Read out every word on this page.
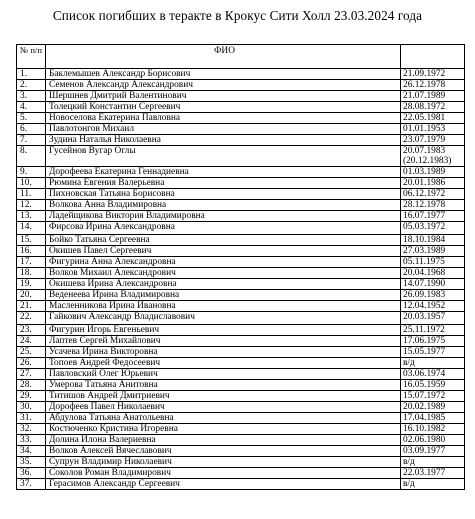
Список погибших в теракте в Крокус Сити Холл 23.03.2024 года
№ п/п	ФИО	
1.	Баклемышев Александр Борисович	21.09.1972

2.	Семенов Александр Александрович	26.12.1978

3.	Шершнев Дмитрий Валентинович	21.07.1989

4.	Толецкий Константин Сергеевич	28.08.1972

5.	Новоселова Екатерина Павловна	22.05.1981

6.	Павлотонгов Михаил	01.01.1953

7.	Зудина Наталья Николаевна	23.07.1979

8.	Гусейнов Вугар Оглы	20.07.1983
(20.12.1983)

9.	Дорофеева Екатерина Геннадиевна	01.03.1989

10.	Рюмина Евгения Валерьевна	20.01.1986

11.	Пихновская Татьяна Борисовна	06.12.1972

12.	Волкова Анна Владимировна	28.12.1978

13.	Ладейщикова Виктория Владимировна	16.07.1977

14.	Фирсова Ирина Александровна	05.03.1972

15.	Бойко Татьяна Сергеевна	18.10.1984

16.	Окишев Павел Сергеевич	27.03.1989

17.	Фигурина Анна Александровна	05.11.1975

18.	Волков Михаил Александрович	20.04.1968

19.	Окишева Ирина Александровна	14.07.1990

20.	Веденеева Ирина Владимировна	26.09.1983

21.	Масленникова Ирина Ивановна	12.04.1952

22.	Гайкович Александр Владиславович	20.03.1957

23.	Фигурин Игорь Евгеньевич	25.11.1972

24.	Лаптев Сергей Михайлович	17.06.1975

25.	Усачева Ирина Викторовна	15.05.1977

26.	Топоев Андрей Федосеевич	в/д

27.	Павловский Олег Юрьевич	03.06.1974

28.	Умерова Татьяна Анитовна	16.05.1959

29.	Титишов Андрей Дмитриевич	15.07.1972

30.	Дорофеев Павел Николаевич	20.02.1989

31.	Абдулова Татьяна Анатольевна	17.04.1985

32.	Костюченко Кристина Игоревна	16.10.1982

33.	Долина Илона Валериевна	02.06.1980

34.	Волков Алексей Вячеславович	03.09.1977

35.	Супрун Владимир Николаевич	в/д

36.	Соколов Роман Владимирович	22.03.1977

37.	Герасимов Александр Сергеевич	в/д
